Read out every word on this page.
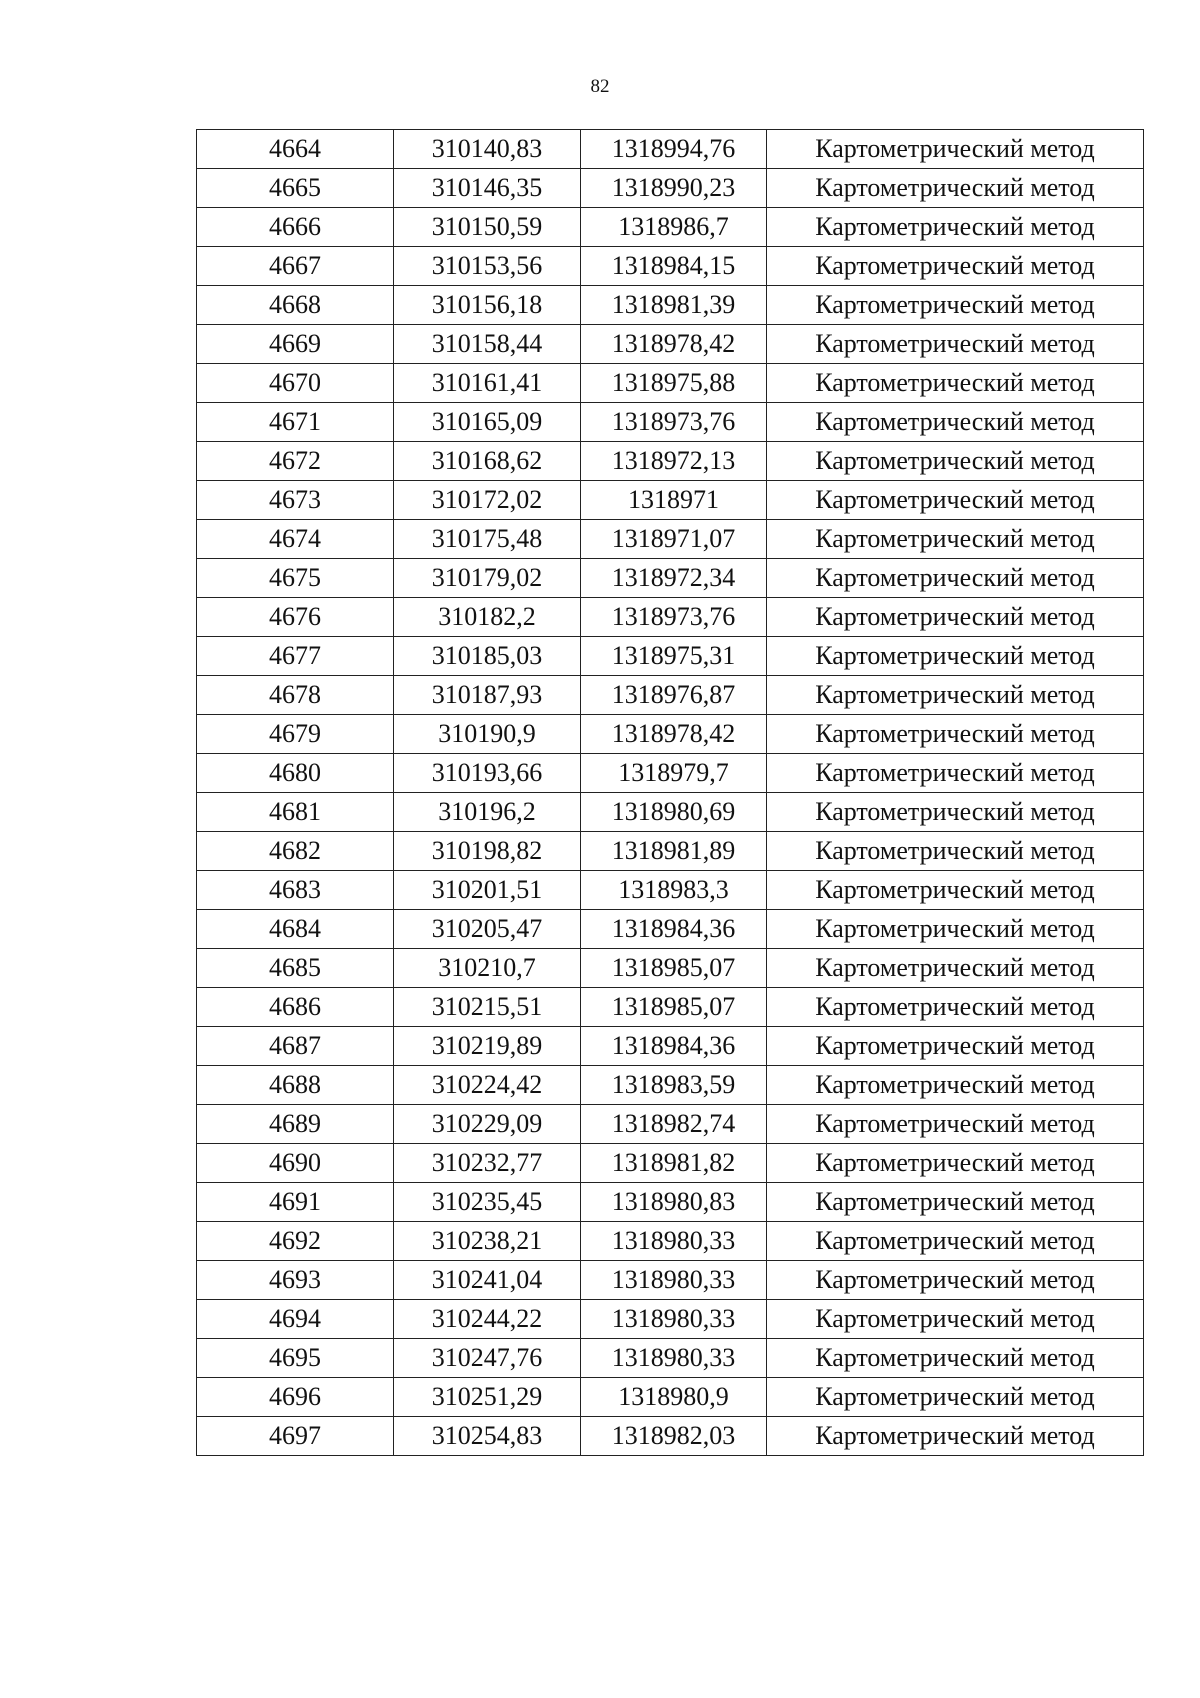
82
4664	310140,83	1318994,76	Картометрический метод
4665	310146,35	1318990,23	Картометрический метод
4666	310150,59	1318986,7	Картометрический метод
4667	310153,56	1318984,15	Картометрический метод
4668	310156,18	1318981,39	Картометрический метод
4669	310158,44	1318978,42	Картометрический метод
4670	310161,41	1318975,88	Картометрический метод
4671	310165,09	1318973,76	Картометрический метод
4672	310168,62	1318972,13	Картометрический метод
4673	310172,02	1318971	Картометрический метод
4674	310175,48	1318971,07	Картометрический метод
4675	310179,02	1318972,34	Картометрический метод
4676	310182,2	1318973,76	Картометрический метод
4677	310185,03	1318975,31	Картометрический метод
4678	310187,93	1318976,87	Картометрический метод
4679	310190,9	1318978,42	Картометрический метод
4680	310193,66	1318979,7	Картометрический метод
4681	310196,2	1318980,69	Картометрический метод
4682	310198,82	1318981,89	Картометрический метод
4683	310201,51	1318983,3	Картометрический метод
4684	310205,47	1318984,36	Картометрический метод
4685	310210,7	1318985,07	Картометрический метод
4686	310215,51	1318985,07	Картометрический метод
4687	310219,89	1318984,36	Картометрический метод
4688	310224,42	1318983,59	Картометрический метод
4689	310229,09	1318982,74	Картометрический метод
4690	310232,77	1318981,82	Картометрический метод
4691	310235,45	1318980,83	Картометрический метод
4692	310238,21	1318980,33	Картометрический метод
4693	310241,04	1318980,33	Картометрический метод
4694	310244,22	1318980,33	Картометрический метод
4695	310247,76	1318980,33	Картометрический метод
4696	310251,29	1318980,9	Картометрический метод
4697	310254,83	1318982,03	Картометрический метод
